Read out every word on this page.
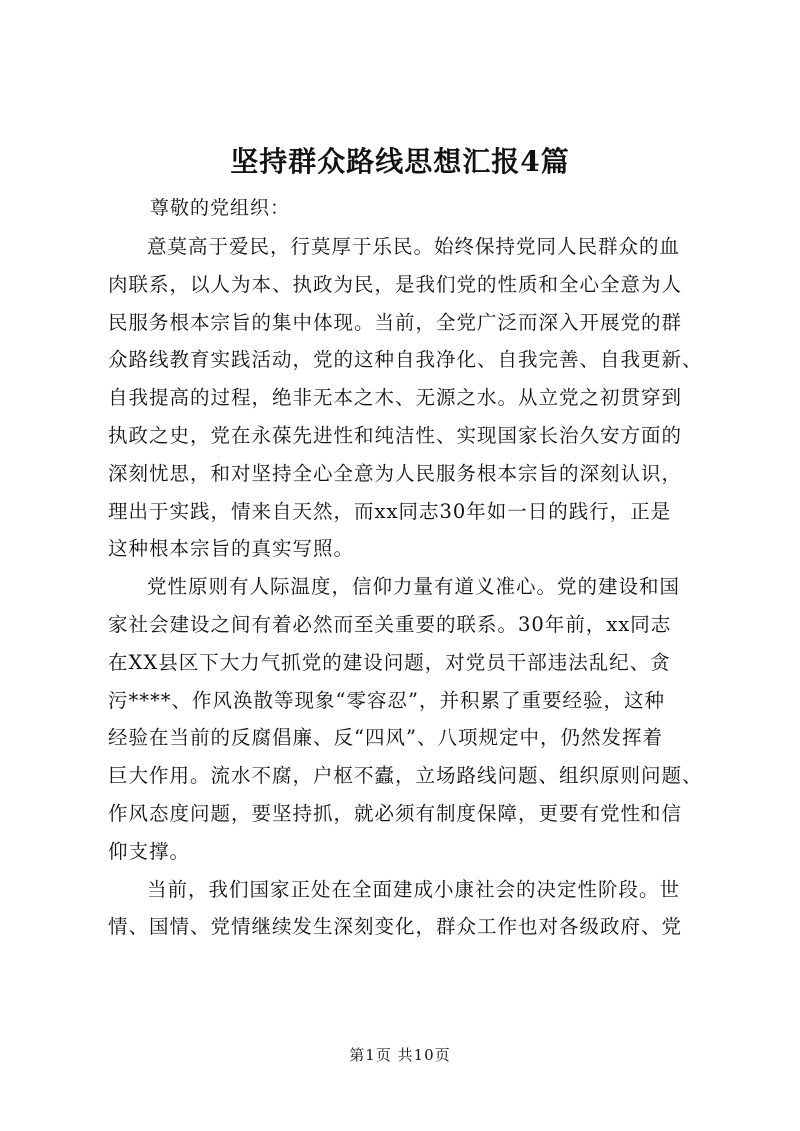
坚持群众路线思想汇报4篇

尊敬的党组织：

意莫高于爱民，行莫厚于乐民。始终保持党同人民群众的血
肉联系，以人为本、执政为民，是我们党的性质和全心全意为人
民服务根本宗旨的集中体现。当前，全党广泛而深入开展党的群
众路线教育实践活动，党的这种自我净化、自我完善、自我更新、
自我提高的过程，绝非无本之木、无源之水。从立党之初贯穿到
执政之史，党在永葆先进性和纯洁性、实现国家长治久安方面的
深刻忧思，和对坚持全心全意为人民服务根本宗旨的深刻认识，
理出于实践，情来自天然，而xx同志30年如一日的践行，正是
这种根本宗旨的真实写照。
党性原则有人际温度，信仰力量有道义准心。党的建设和国
家社会建设之间有着必然而至关重要的联系。30年前，xx同志
在XX县区下大力气抓党的建设问题，对党员干部违法乱纪、贪
污****、作风涣散等现象“零容忍”，并积累了重要经验，这种
经验在当前的反腐倡廉、反“四风”、八项规定中，仍然发挥着
巨大作用。流水不腐，户枢不蠹，立场路线问题、组织原则问题、
作风态度问题，要坚持抓，就必须有制度保障，更要有党性和信
仰支撑。
当前，我们国家正处在全面建成小康社会的决定性阶段。世
情、国情、党情继续发生深刻变化，群众工作也对各级政府、党
第1页 共10页
